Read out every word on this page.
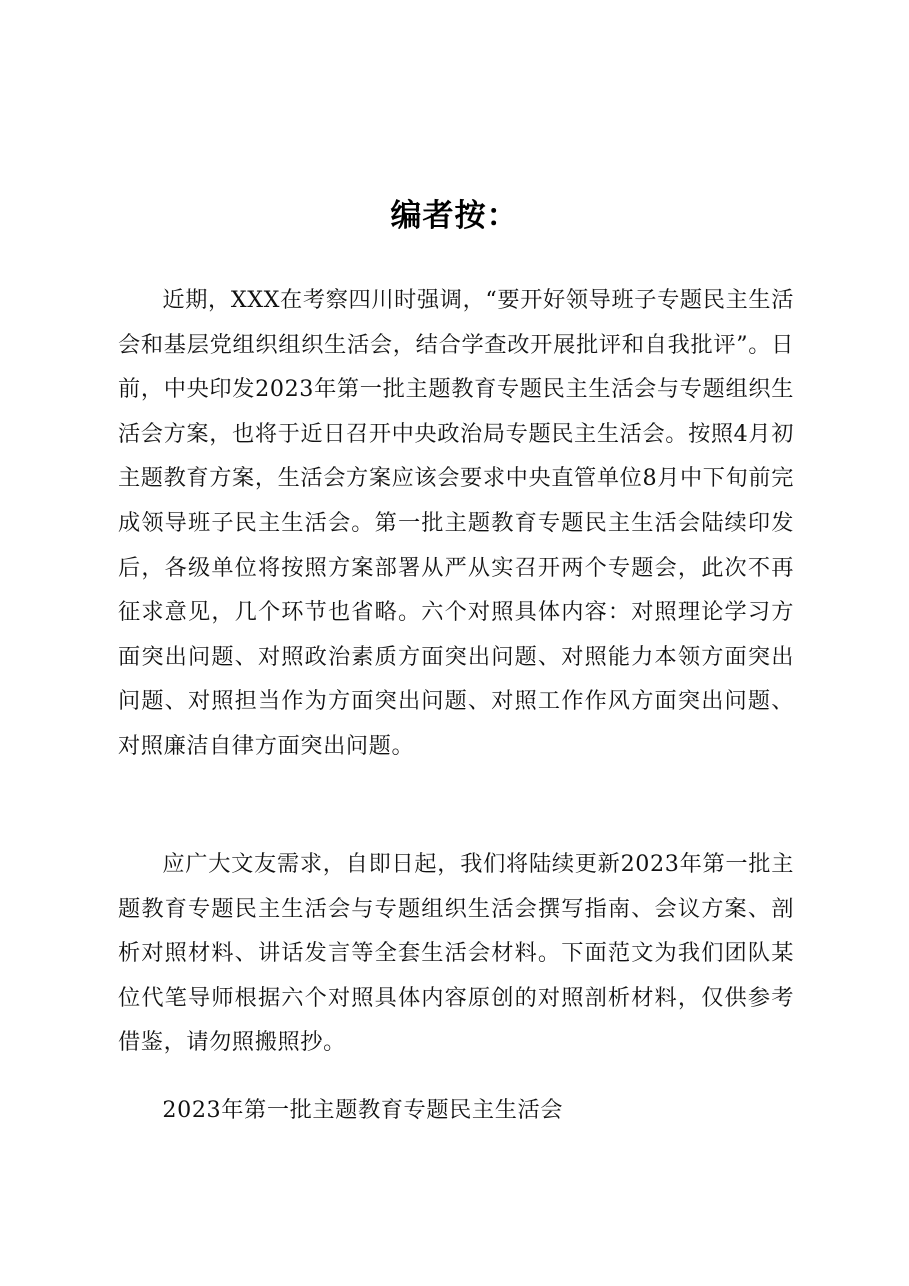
编者按：

近期，XXX在考察四川时强调，“要开好领导班子专题民主生活会和基层党组织组织生活会，结合学查改开展批评和自我批评”。日前，中央印发2023年第一批主题教育专题民主生活会与专题组织生活会方案，也将于近日召开中央政治局专题民主生活会。按照4月初主题教育方案，生活会方案应该会要求中央直管单位8月中下旬前完成领导班子民主生活会。第一批主题教育专题民主生活会陆续印发后，各级单位将按照方案部署从严从实召开两个专题会，此次不再征求意见，几个环节也省略。六个对照具体内容：对照理论学习方面突出问题、对照政治素质方面突出问题、对照能力本领方面突出问题、对照担当作为方面突出问题、对照工作作风方面突出问题、对照廉洁自律方面突出问题。

应广大文友需求，自即日起，我们将陆续更新2023年第一批主题教育专题民主生活会与专题组织生活会撰写指南、会议方案、剖析对照材料、讲话发言等全套生活会材料。下面范文为我们团队某位代笔导师根据六个对照具体内容原创的对照剖析材料，仅供参考借鉴，请勿照搬照抄。

2023年第一批主题教育专题民主生活会
